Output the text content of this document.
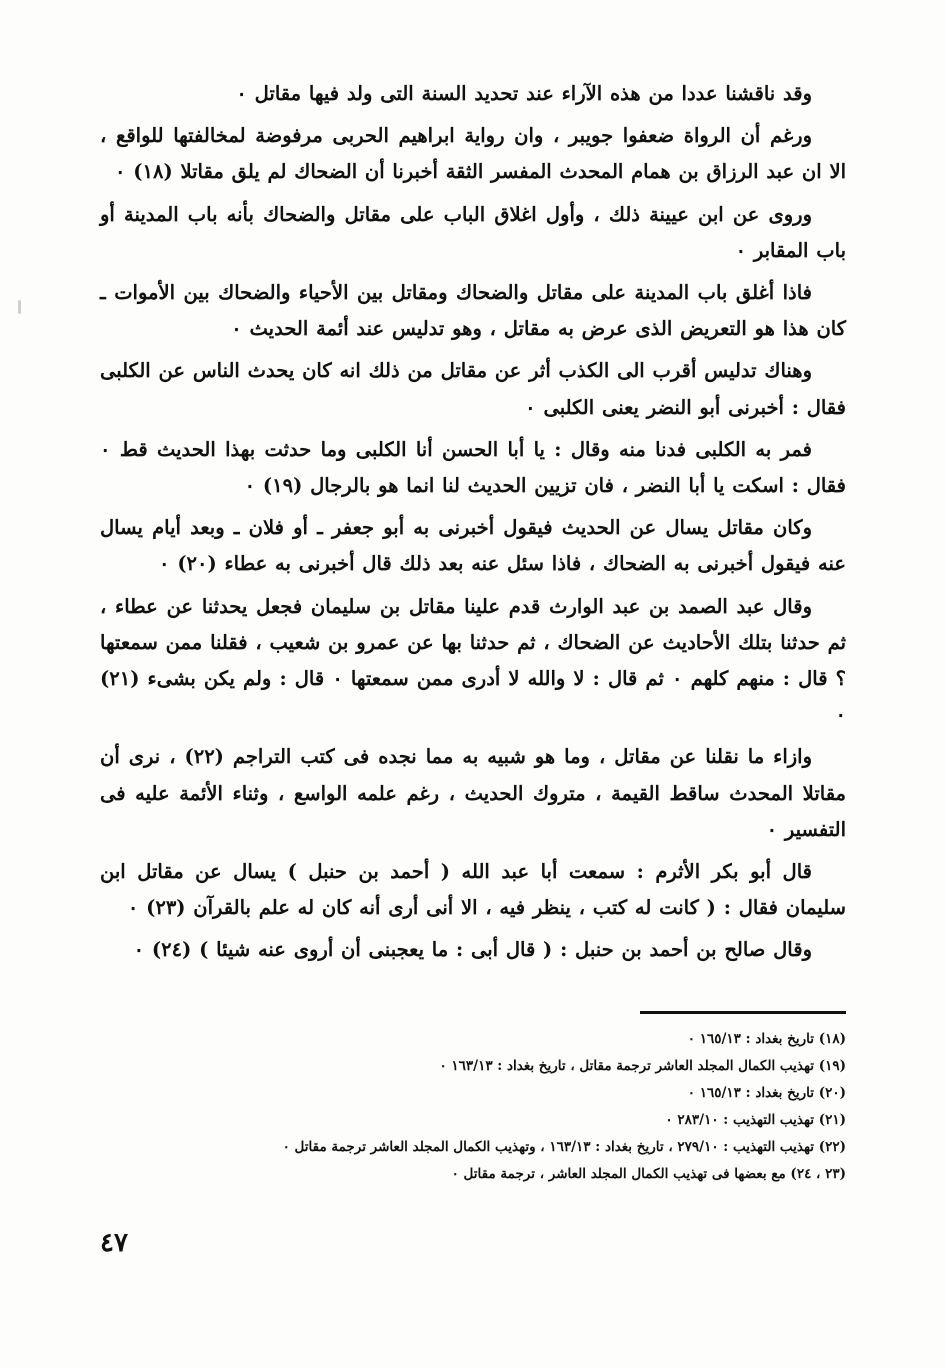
وقد ناقشنا عددا من هذه الآراء عند تحديد السنة التى ولد فيها مقاتل ٠

ورغم أن الرواة ضعفوا جويبر ، وان رواية ابراهيم الحربى مرفوضة لمخالفتها للواقع ، الا ان عبد الرزاق بن همام المحدث المفسر الثقة أخبرنا أن الضحاك لم يلق مقاتلا (١٨) ٠

وروى عن ابن عيينة ذلك ، وأول اغلاق الباب على مقاتل والضحاك بأنه باب المدينة أو باب المقابر ٠

فاذا أغلق باب المدينة على مقاتل والضحاك ومقاتل بين الأحياء والضحاك بين الأموات ـ كان هذا هو التعريض الذى عرض به مقاتل ، وهو تدليس عند أئمة الحديث ٠

وهناك تدليس أقرب الى الكذب أثر عن مقاتل من ذلك انه كان يحدث الناس عن الكلبى فقال : أخبرنى أبو النضر يعنى الكلبى ٠

فمر به الكلبى فدنا منه وقال : يا أبا الحسن أنا الكلبى وما حدثت بهذا الحديث قط ٠ فقال : اسكت يا أبا النضر ، فان تزيين الحديث لنا انما هو بالرجال (١٩) ٠

وكان مقاتل يسال عن الحديث فيقول أخبرنى به أبو جعفر ـ أو فلان ـ وبعد أيام يسال عنه فيقول أخبرنى به الضحاك ، فاذا سئل عنه بعد ذلك قال أخبرنى به عطاء (٢٠) ٠

وقال عبد الصمد بن عبد الوارث قدم علينا مقاتل بن سليمان فجعل يحدثنا عن عطاء ، ثم حدثنا بتلك الأحاديث عن الضحاك ، ثم حدثنا بها عن عمرو بن شعيب ، فقلنا ممن سمعتها ؟ قال : منهم كلهم ٠ ثم قال : لا والله لا أدرى ممن سمعتها ٠ قال : ولم يكن بشىء (٢١) ٠

وازاء ما نقلنا عن مقاتل ، وما هو شبيه به مما نجده فى كتب التراجم (٢٢) ، نرى أن مقاتلا المحدث ساقط القيمة ، متروك الحديث ، رغم علمه الواسع ، وثناء الأئمة عليه فى التفسير ٠

قال أبو بكر الأثرم : سمعت أبا عبد الله ( أحمد بن حنبل ) يسال عن مقاتل ابن سليمان فقال : ( كانت له كتب ، ينظر فيه ، الا أنى أرى أنه كان له علم بالقرآن (٢٣) ٠

وقال صالح بن أحمد بن حنبل : ( قال أبى : ما يعجبنى أن أروى عنه شيئا ) (٢٤) ٠

(١٨) تاريخ بغداد : ١٦٥/١٣ ٠

(١٩) تهذيب الكمال المجلد العاشر ترجمة مقاتل ، تاريخ بغداد : ١٦٣/١٣ ٠

(٢٠) تاريخ بغداد : ١٦٥/١٣ ٠

(٢١) تهذيب التهذيب : ٢٨٣/١٠ ٠

(٢٢) تهذيب التهذيب : ٢٧٩/١٠ ، تاريخ بغداد : ١٦٣/١٣ ، وتهذيب الكمال المجلد العاشر ترجمة مقاتل ٠

(٢٣ ، ٢٤) مع بعضها فى تهذيب الكمال المجلد العاشر ، ترجمة مقاتل ٠

٤٧
